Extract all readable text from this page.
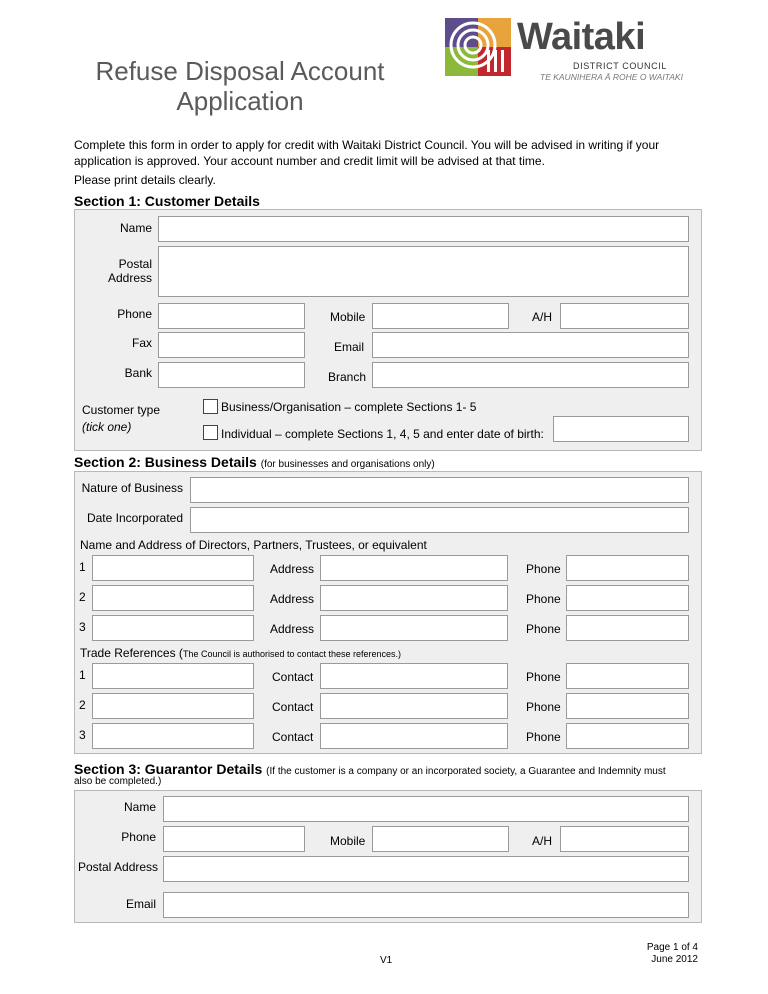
Refuse Disposal Account
Application
Waitaki
DISTRICT COUNCIL
TE KAUNIHERA Ā ROHE O WAITAKI
Complete this form in order to apply for credit with Waitaki District Council. You will be advised in writing if your application is approved. Your account number and credit limit will be advised at that time.
Please print details clearly.
Section 1: Customer Details
Name
Postal
Address
Phone	Mobile	A/H
Fax	Email
Bank	Branch
Customer type
(tick one)
Business/Organisation – complete Sections 1- 5
Individual – complete Sections 1, 4, 5 and enter date of birth:
Section 2: Business Details (for businesses and organisations only)
Nature of Business
Date Incorporated
Name and Address of Directors, Partners, Trustees, or equivalent
1	Address	Phone
2	Address	Phone
3	Address	Phone
Trade References (The Council is authorised to contact these references.)
1	Contact	Phone
2	Contact	Phone
3	Contact	Phone
Section 3: Guarantor Details (If the customer is a company or an incorporated society, a Guarantee and Indemnity must
also be completed.)
Name
Phone	Mobile	A/H
Postal Address
Email
V1
Page 1 of 4
June 2012
